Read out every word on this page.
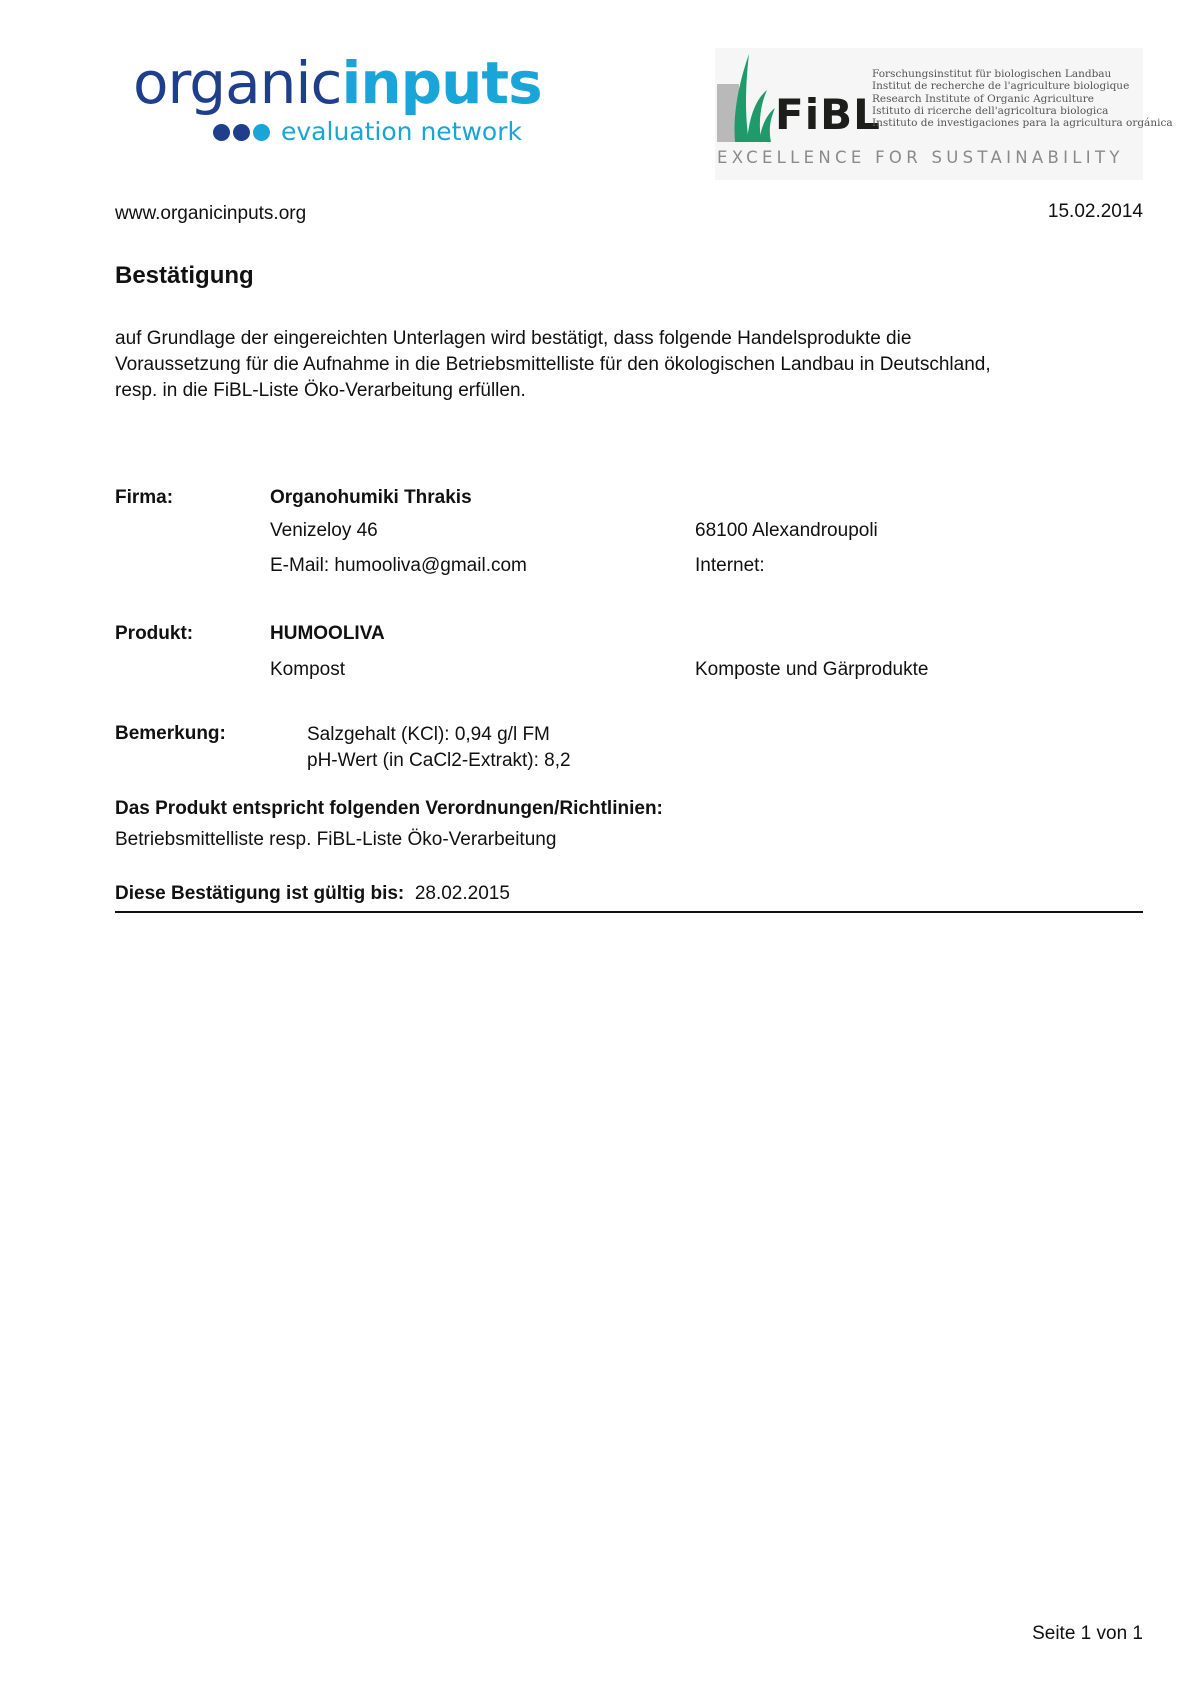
organicinputs
evaluation network	FiBL
Forschungsinstitut für biologischen Landbau
Institut de recherche de l'agriculture biologique
Research Institute of Organic Agriculture
Istituto di ricerche dell'agricoltura biologica
Instituto de investigaciones para la agricultura orgánica
EXCELLENCE FOR SUSTAINABILITY
www.organicinputs.org	15.02.2014
Bestätigung
auf Grundlage der eingereichten Unterlagen wird bestätigt, dass folgende Handelsprodukte die Voraussetzung für die Aufnahme in die Betriebsmittelliste für den ökologischen Landbau in Deutschland, resp. in die FiBL-Liste Öko-Verarbeitung erfüllen.
Firma:	Organohumiki Thrakis
Venizeloy 46	68100 Alexandroupoli
E-Mail: humooliva@gmail.com	Internet:
Produkt:	HUMOOLIVA
Kompost	Komposte und Gärprodukte
Bemerkung:	Salzgehalt (KCl): 0,94 g/l FM
pH-Wert (in CaCl2-Extrakt): 8,2
Das Produkt entspricht folgenden Verordnungen/Richtlinien:
Betriebsmittelliste resp. FiBL-Liste Öko-Verarbeitung
Diese Bestätigung ist gültig bis: 28.02.2015
Seite 1 von 1
